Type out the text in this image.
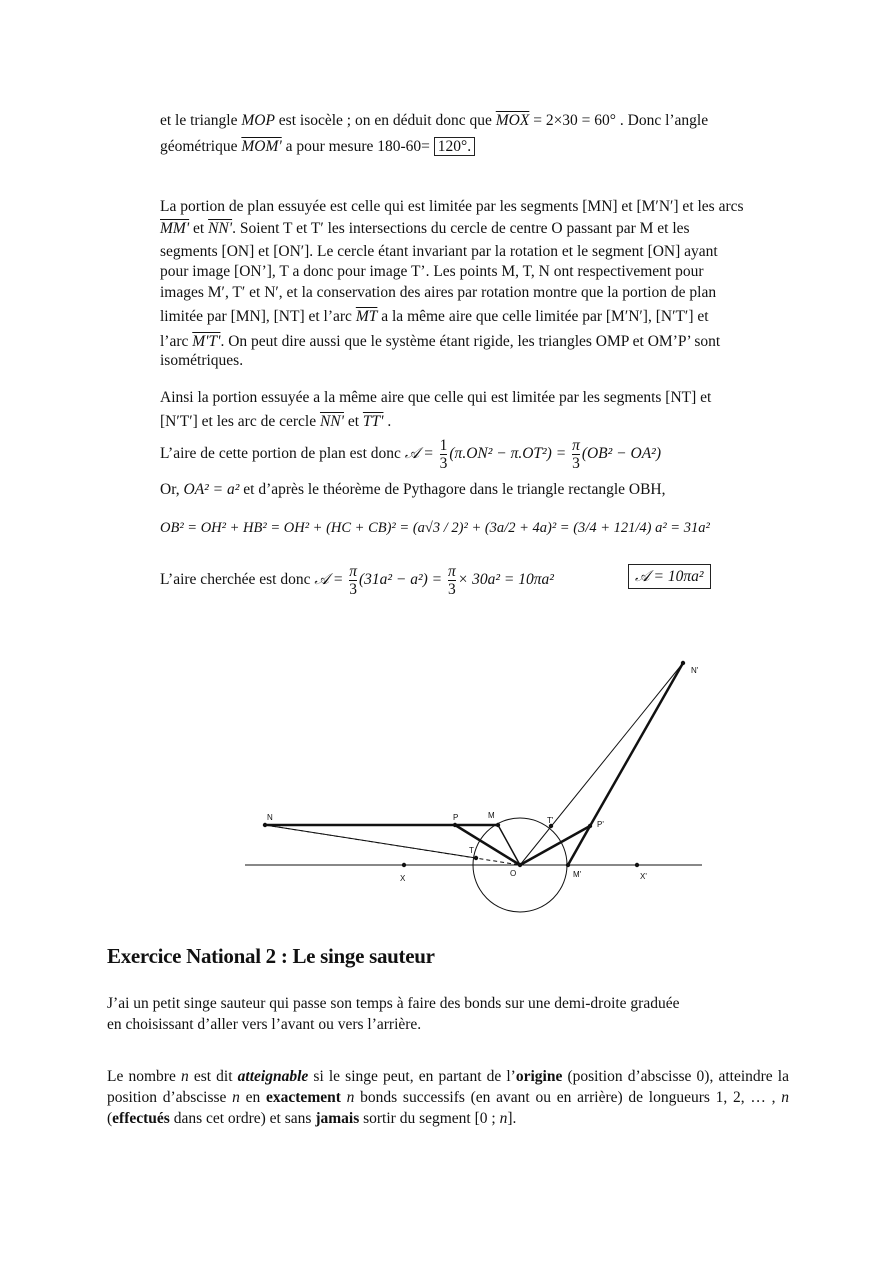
et le triangle MOP est isocèle ; on en déduit donc que $\overline{MOX} = 2\times 30 = 60^\circ$ . Donc l’angle
géométrique MOM' a pour mesure 180-60= 120°.
La portion de plan essuyée est celle qui est limitée par les segments [MN] et [M′N′] et les arcs
MM' et NN'. Soient T et T′ les intersections du cercle de centre O passant par M et les
segments [ON] et [ON′]. Le cercle étant invariant par la rotation et le segment [ON] ayant
pour image [ON’], T a donc pour image T’. Les points M, T, N ont respectivement pour
images M′, T′ et N′, et la conservation des aires par rotation montre que la portion de plan
limitée par [MN], [NT] et l’arc $\overline{MT}$ a la même aire que celle limitée par [M′N′], [N′T′] et
l’arc M'T'. On peut dire aussi que le système étant rigide, les triangles OMP et OM’P’ sont
isométriques.
Ainsi la portion essuyée a la même aire que celle qui est limitée par les segments [NT] et
[N′T′] et les arc de cercle NN' et TT' .
L’aire de cette portion de plan est donc 𝒜 = $\frac{1}{3} (\pi.ON^2 - \pi.OT^2) = \frac{\pi}{3} (OB^2 - OA^2)$
Or, OA² = a² et d’après le théorème de Pythagore dans le triangle rectangle OBH,
OB² = OH² + HB² = OH² + (HC + CB)² = (a√3 / 2)² + (3a/2 + 4a)² = (3/4 + 121/4) a² = 31a²
L’aire cherchée est donc 𝒜 = $\frac{\pi}{3} (31a^2 - a^2) = \frac{\pi}{3} \times 30a^2 = 10\pi a^2$	𝒜 = 10πa²
N'
N	P	M
T'	P'
T
X
O	M'	X'
Exercice National 2 : Le singe sauteur
J’ai un petit singe sauteur qui passe son temps à faire des bonds sur une demi-droite graduée
en choisissant d’aller vers l’avant ou vers l’arrière.
Le nombre n est dit atteignable si le singe peut, en partant de l’origine (position d’abscisse 0), atteindre la position d’abscisse n en exactement n bonds successifs (en avant ou en arrière) de longueurs 1, 2, … , n (effectués dans cet ordre) et sans jamais sortir du segment [0 ; n].
